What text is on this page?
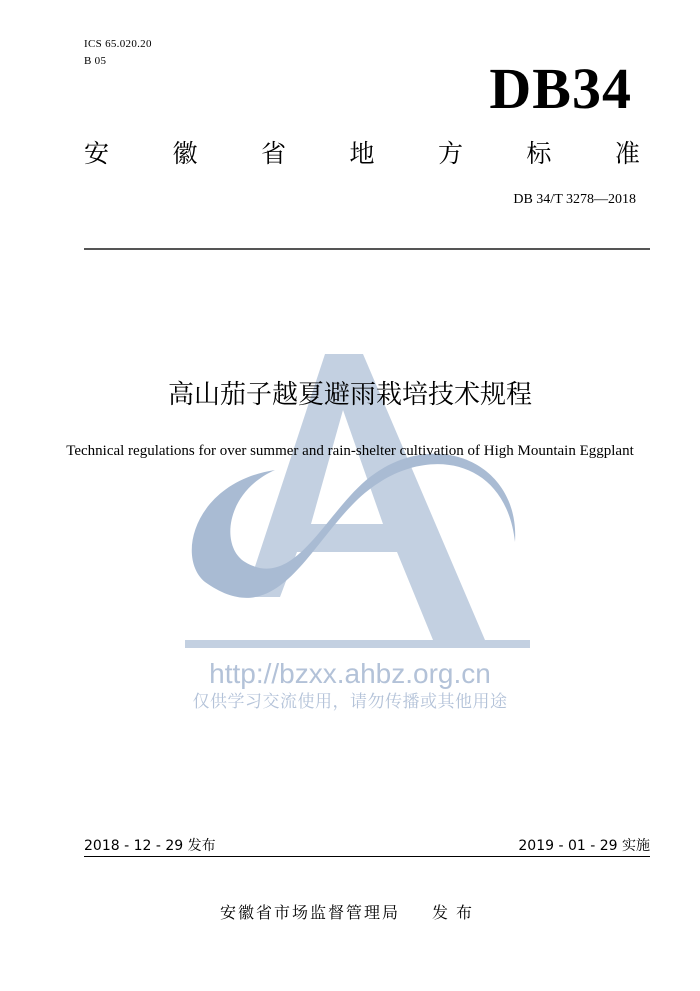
ICS 65.020.20
B 05	DB34
安	徽	省	地	方	标	准
DB 34/T 3278—2018
http://bzxx.ahbz.org.cn
仅供学习交流使用，请勿传播或其他用途
高山茄子越夏避雨栽培技术规程
Technical regulations for over summer and rain-shelter cultivation of High Mountain Eggplant
2018 - 12 - 29 发布	2019 - 01 - 29 实施
安徽省市场监督管理局 发布
